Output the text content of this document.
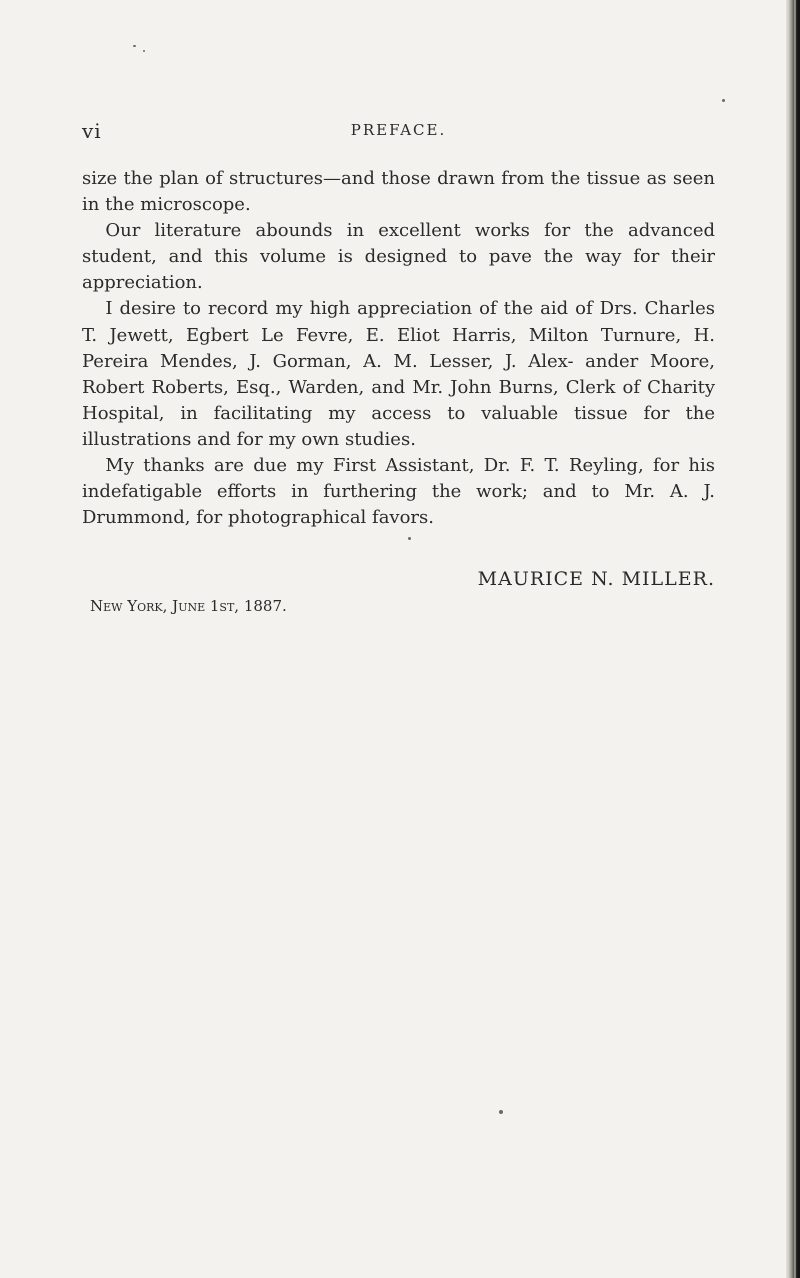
vi	PREFACE.

size the plan of structures—and those drawn from the tissue as seen in the microscope.

Our literature abounds in excellent works for the advanced student, and this volume is designed to pave the way for their appreciation.

I desire to record my high appreciation of the aid of Drs. Charles T. Jewett, Egbert Le Fevre, E. Eliot Harris, Milton Turnure, H. Pereira Mendes, J. Gorman, A. M. Lesser, J. Alex- ander Moore, Robert Roberts, Esq., Warden, and Mr. John Burns, Clerk of Charity Hospital, in facilitating my access to valuable tissue for the illustrations and for my own studies.

My thanks are due my First Assistant, Dr. F. T. Reyling, for his indefatigable efforts in furthering the work; and to Mr. A. J. Drummond, for photographical favors.

MAURICE N. MILLER.
New York, June 1st, 1887.
